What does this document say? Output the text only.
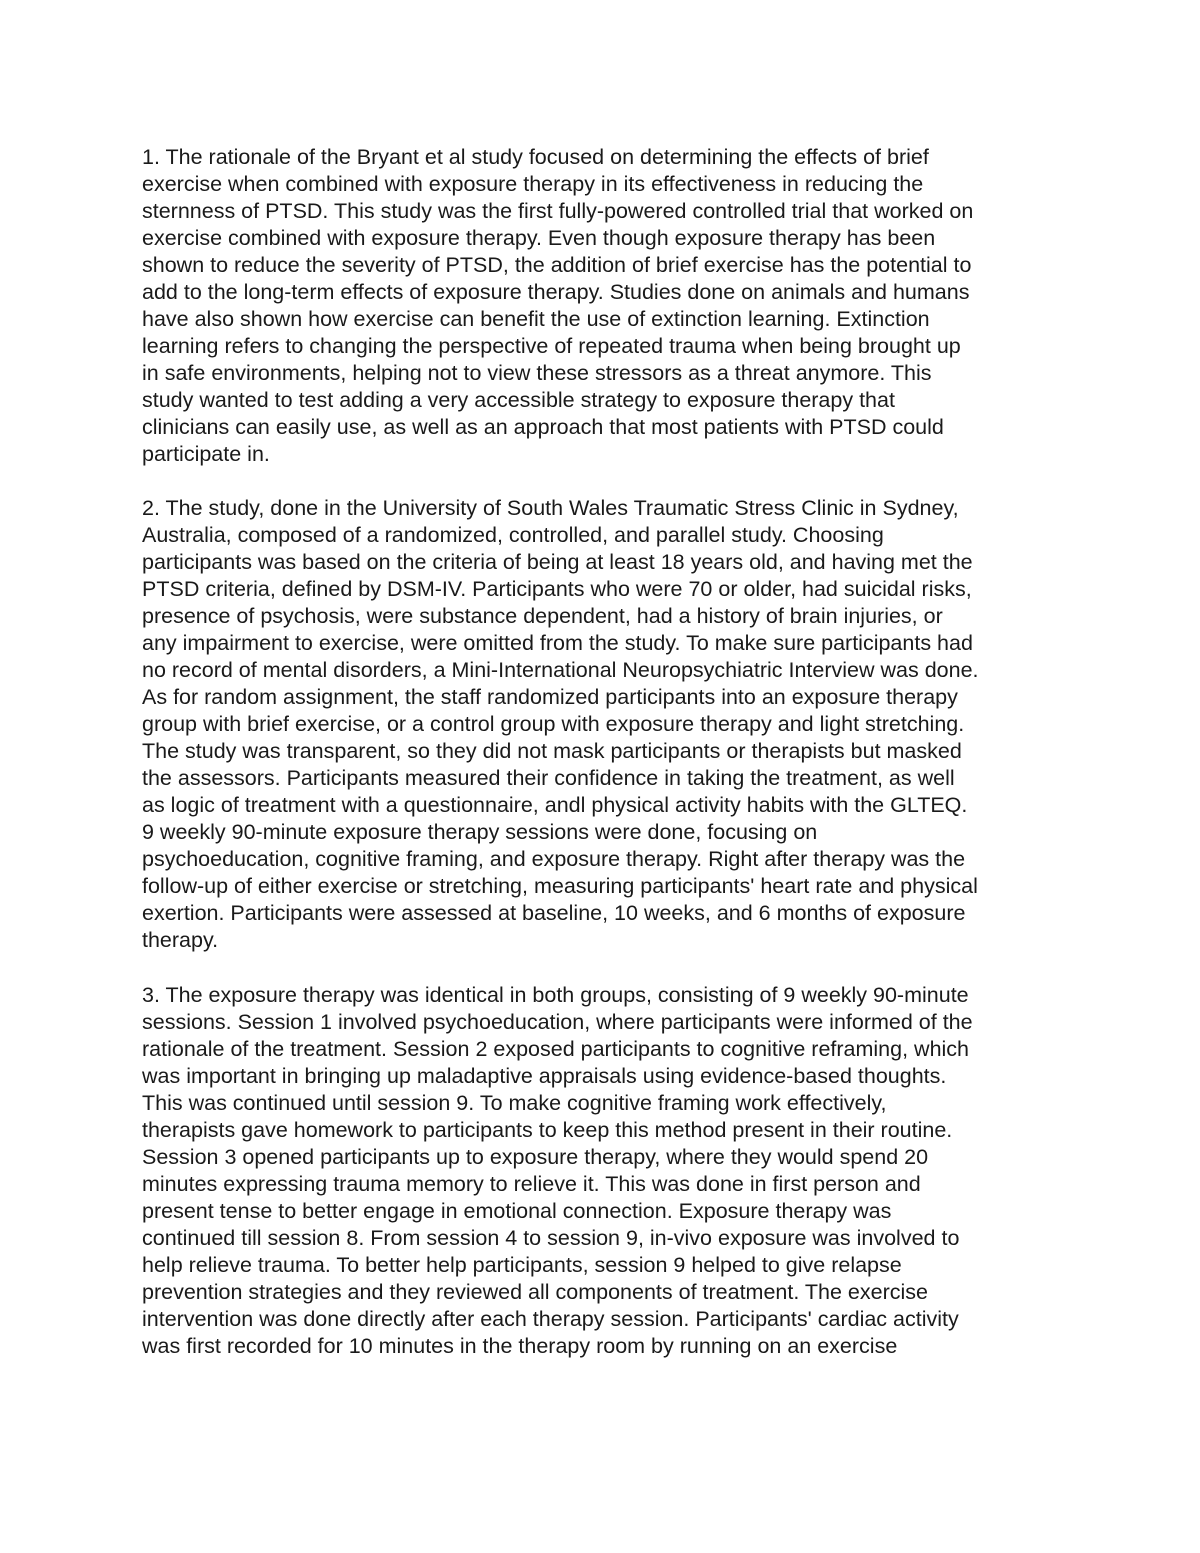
1. The rationale of the Bryant et al study focused on determining the effects of brief
exercise when combined with exposure therapy in its effectiveness in reducing the
sternness of PTSD. This study was the first fully-powered controlled trial that worked on
exercise combined with exposure therapy. Even though exposure therapy has been
shown to reduce the severity of PTSD, the addition of brief exercise has the potential to
add to the long-term effects of exposure therapy. Studies done on animals and humans
have also shown how exercise can benefit the use of extinction learning. Extinction
learning refers to changing the perspective of repeated trauma when being brought up
in safe environments, helping not to view these stressors as a threat anymore. This
study wanted to test adding a very accessible strategy to exposure therapy that
clinicians can easily use, as well as an approach that most patients with PTSD could
participate in.

2. The study, done in the University of South Wales Traumatic Stress Clinic in Sydney,
Australia, composed of a randomized, controlled, and parallel study. Choosing
participants was based on the criteria of being at least 18 years old, and having met the
PTSD criteria, defined by DSM-IV. Participants who were 70 or older, had suicidal risks,
presence of psychosis, were substance dependent, had a history of brain injuries, or
any impairment to exercise, were omitted from the study. To make sure participants had
no record of mental disorders, a Mini-International Neuropsychiatric Interview was done.
As for random assignment, the staff randomized participants into an exposure therapy
group with brief exercise, or a control group with exposure therapy and light stretching.
The study was transparent, so they did not mask participants or therapists but masked
the assessors. Participants measured their confidence in taking the treatment, as well
as logic of treatment with a questionnaire, andl physical activity habits with the GLTEQ.
9 weekly 90-minute exposure therapy sessions were done, focusing on
psychoeducation, cognitive framing, and exposure therapy. Right after therapy was the
follow-up of either exercise or stretching, measuring participants' heart rate and physical
exertion. Participants were assessed at baseline, 10 weeks, and 6 months of exposure
therapy.

3. The exposure therapy was identical in both groups, consisting of 9 weekly 90-minute
sessions. Session 1 involved psychoeducation, where participants were informed of the
rationale of the treatment. Session 2 exposed participants to cognitive reframing, which
was important in bringing up maladaptive appraisals using evidence-based thoughts.
This was continued until session 9. To make cognitive framing work effectively,
therapists gave homework to participants to keep this method present in their routine.
Session 3 opened participants up to exposure therapy, where they would spend 20
minutes expressing trauma memory to relieve it. This was done in first person and
present tense to better engage in emotional connection. Exposure therapy was
continued till session 8. From session 4 to session 9, in-vivo exposure was involved to
help relieve trauma. To better help participants, session 9 helped to give relapse
prevention strategies and they reviewed all components of treatment. The exercise
intervention was done directly after each therapy session. Participants' cardiac activity
was first recorded for 10 minutes in the therapy room by running on an exercise
